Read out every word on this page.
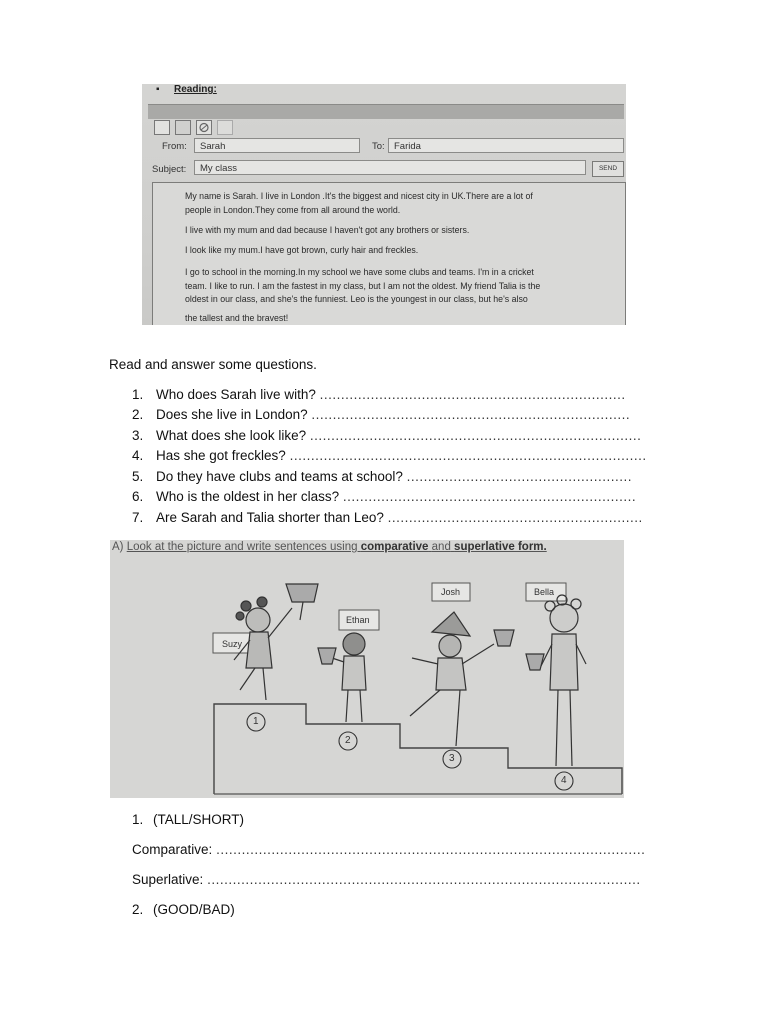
▪ Reading:
From:	Sarah	To: Farida
Subject:	My class	SEND
My name is Sarah. I live in London .It's the biggest and nicest city in UK.There are a lot of
people in London.They come from all around the world.
I live with my mum and dad because I haven't got any brothers or sisters.
I look like my mum.I have got brown, curly hair and freckles.
I go to school in the morning.In my school we have some clubs and teams. I'm in a cricket
team. I like to run. I am the fastest in my class, but I am not the oldest. My friend Talia is the
oldest in our class, and she's the funniest. Leo is the youngest in our class, but he's also
the tallest and the bravest!
Read and answer some questions.
1. Who does Sarah live with? ........................................................................
2. Does she live in London? ...........................................................................
3. What does she look like? ..............................................................................
4. Has she got freckles? ....................................................................................
5. Do they have clubs and teams at school? .....................................................
6. Who is the oldest in her class? .....................................................................
7. Are Sarah and Talia shorter than Leo? ............................................................
A) Look at the picture and write sentences using comparative and superlative form.
Suzy
Ethan
Josh	Bella
1
2
3
4
1. (TALL/SHORT)
Comparative: .....................................................................................................
Superlative: ......................................................................................................
2. (GOOD/BAD)
